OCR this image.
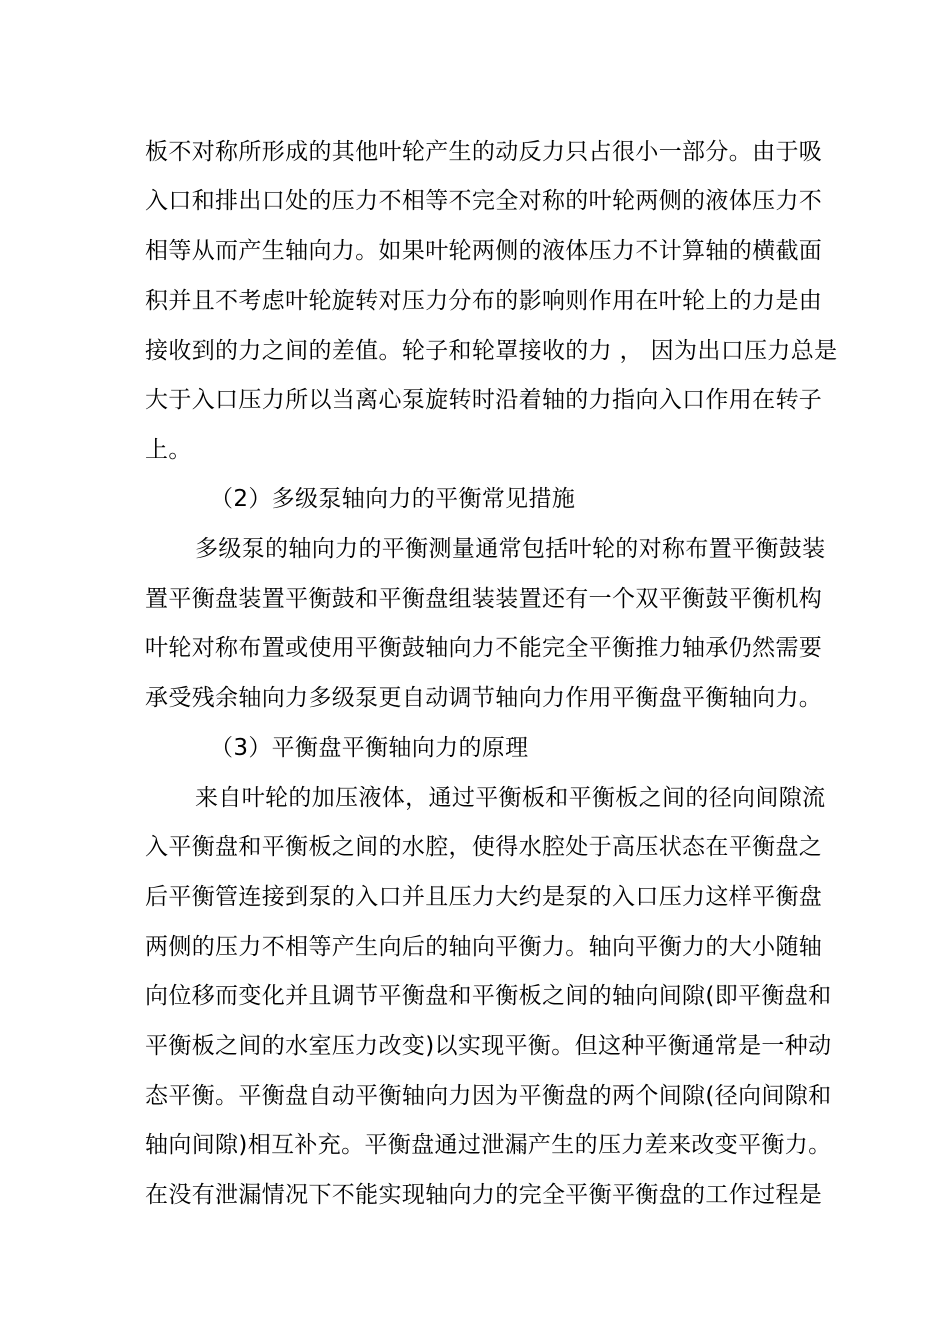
板不对称所形成的其他叶轮产生的动反力只占很小一部分。由于吸
入口和排出口处的压力不相等不完全对称的叶轮两侧的液体压力不
相等从而产生轴向力。如果叶轮两侧的液体压力不计算轴的横截面
积并且不考虑叶轮旋转对压力分布的影响则作用在叶轮上的力是由
接收到的力之间的差值。轮子和轮罩接收的力 ， 因为出口压力总是
大于入口压力所以当离心泵旋转时沿着轴的力指向入口作用在转子
上。
（2）多级泵轴向力的平衡常见措施
多级泵的轴向力的平衡测量通常包括叶轮的对称布置平衡鼓装
置平衡盘装置平衡鼓和平衡盘组装装置还有一个双平衡鼓平衡机构
叶轮对称布置或使用平衡鼓轴向力不能完全平衡推力轴承仍然需要
承受残余轴向力多级泵更自动调节轴向力作用平衡盘平衡轴向力。
（3）平衡盘平衡轴向力的原理
来自叶轮的加压液体，通过平衡板和平衡板之间的径向间隙流
入平衡盘和平衡板之间的水腔，使得水腔处于高压状态在平衡盘之
后平衡管连接到泵的入口并且压力大约是泵的入口压力这样平衡盘
两侧的压力不相等产生向后的轴向平衡力。轴向平衡力的大小随轴
向位移而变化并且调节平衡盘和平衡板之间的轴向间隙(即平衡盘和
平衡板之间的水室压力改变)以实现平衡。但这种平衡通常是一种动
态平衡。平衡盘自动平衡轴向力因为平衡盘的两个间隙(径向间隙和
轴向间隙)相互补充。平衡盘通过泄漏产生的压力差来改变平衡力。
在没有泄漏情况下不能实现轴向力的完全平衡平衡盘的工作过程是
